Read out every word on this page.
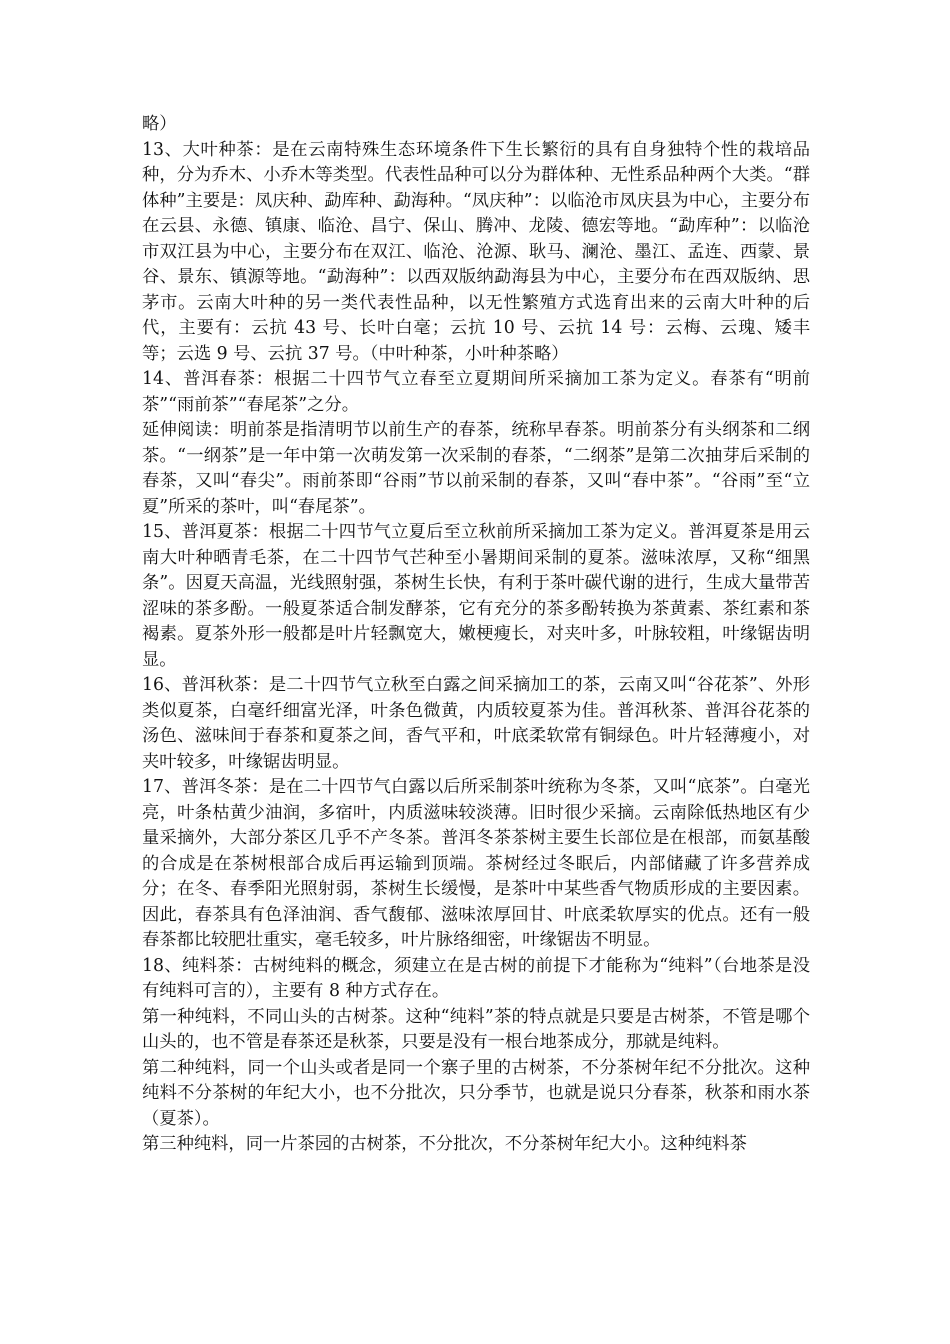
略）

13、大叶种茶：是在云南特殊生态环境条件下生长繁衍的具有自身独特个性的栽培品种，分为乔木、小乔木等类型。代表性品种可以分为群体种、无性系品种两个大类。“群体种”主要是：凤庆种、勐库种、勐海种。“凤庆种”：以临沧市凤庆县为中心，主要分布在云县、永德、镇康、临沧、昌宁、保山、腾冲、龙陵、德宏等地。“勐库种”：以临沧市双江县为中心，主要分布在双江、临沧、沧源、耿马、澜沧、墨江、孟连、西蒙、景谷、景东、镇源等地。“勐海种”：以西双版纳勐海县为中心，主要分布在西双版纳、思茅市。云南大叶种的另一类代表性品种，以无性繁殖方式选育出来的云南大叶种的后代，主要有：云抗 43 号、长叶白毫；云抗 10 号、云抗 14 号：云梅、云瑰、矮丰等；云选 9 号、云抗 37 号。（中叶种茶，小叶种茶略）

14、普洱春茶：根据二十四节气立春至立夏期间所采摘加工茶为定义。春茶有“明前茶”“雨前茶”“春尾茶”之分。

延伸阅读：明前茶是指清明节以前生产的春茶，统称早春茶。明前茶分有头纲茶和二纲茶。“一纲茶”是一年中第一次萌发第一次采制的春茶，“二纲茶”是第二次抽芽后采制的春茶，又叫“春尖”。雨前茶即“谷雨”节以前采制的春茶，又叫“春中茶”。“谷雨”至“立夏”所采的茶叶，叫“春尾茶”。

15、普洱夏茶：根据二十四节气立夏后至立秋前所采摘加工茶为定义。普洱夏茶是用云南大叶种晒青毛茶，在二十四节气芒种至小暑期间采制的夏茶。滋味浓厚，又称“细黑条”。因夏天高温，光线照射强，茶树生长快，有利于茶叶碳代谢的进行，生成大量带苦涩味的茶多酚。一般夏茶适合制发酵茶，它有充分的茶多酚转换为茶黄素、茶红素和茶褐素。夏茶外形一般都是叶片轻飘宽大，嫩梗瘦长，对夹叶多，叶脉较粗，叶缘锯齿明显。

16、普洱秋茶：是二十四节气立秋至白露之间采摘加工的茶，云南又叫“谷花茶”、外形类似夏茶，白毫纤细富光泽，叶条色微黄，内质较夏茶为佳。普洱秋茶、普洱谷花茶的汤色、滋味间于春茶和夏茶之间，香气平和，叶底柔软常有铜绿色。叶片轻薄瘦小，对夹叶较多，叶缘锯齿明显。

17、普洱冬茶：是在二十四节气白露以后所采制茶叶统称为冬茶，又叫“底茶”。白毫光亮，叶条枯黄少油润，多宿叶，内质滋味较淡薄。旧时很少采摘。云南除低热地区有少量采摘外，大部分茶区几乎不产冬茶。普洱冬茶茶树主要生长部位是在根部，而氨基酸的合成是在茶树根部合成后再运输到顶端。茶树经过冬眠后，内部储藏了许多营养成分；在冬、春季阳光照射弱，茶树生长缓慢，是茶叶中某些香气物质形成的主要因素。因此，春茶具有色泽油润、香气馥郁、滋味浓厚回甘、叶底柔软厚实的优点。还有一般春茶都比较肥壮重实，毫毛较多，叶片脉络细密，叶缘锯齿不明显。

18、纯料茶：古树纯料的概念，须建立在是古树的前提下才能称为“纯料”（台地茶是没有纯料可言的），主要有 8 种方式存在。

第一种纯料，不同山头的古树茶。这种“纯料”茶的特点就是只要是古树茶，不管是哪个山头的，也不管是春茶还是秋茶，只要是没有一根台地茶成分，那就是纯料。

第二种纯料，同一个山头或者是同一个寨子里的古树茶，不分茶树年纪不分批次。这种纯料不分茶树的年纪大小，也不分批次，只分季节，也就是说只分春茶，秋茶和雨水茶（夏茶）。

第三种纯料，同一片茶园的古树茶，不分批次，不分茶树年纪大小。这种纯料茶
